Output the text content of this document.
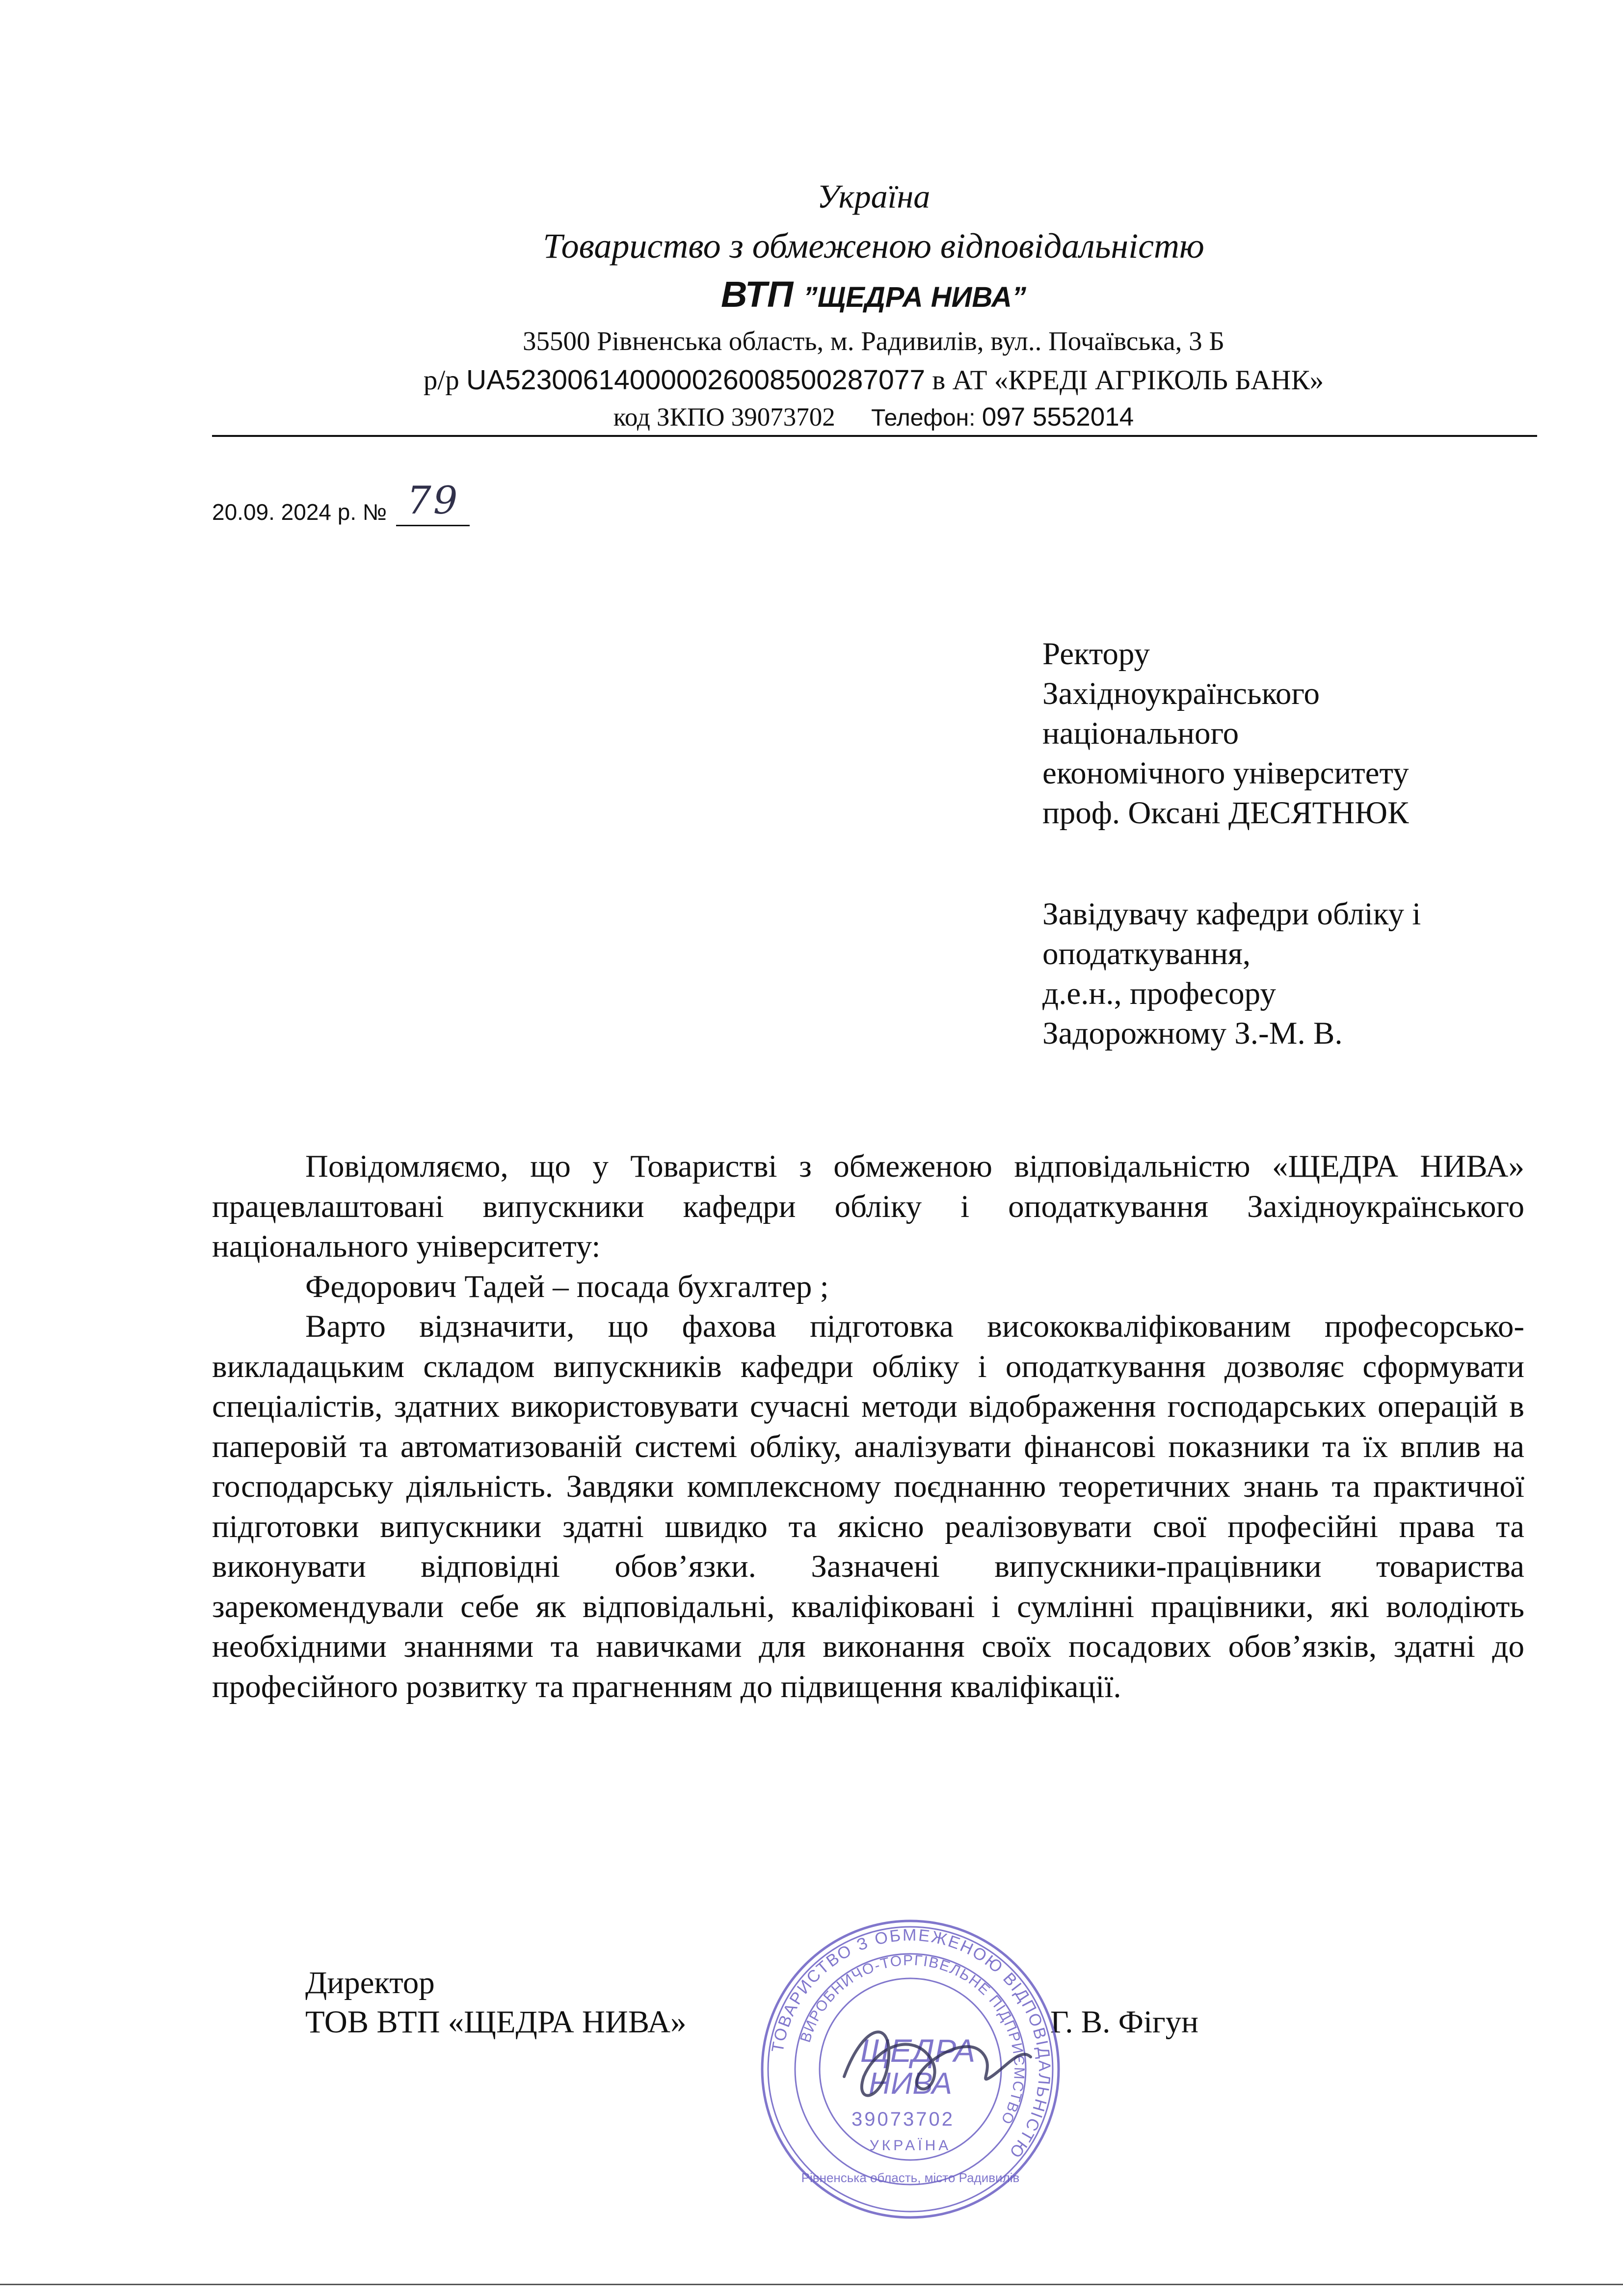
Україна
Товариство з обмеженою відповідальністю
ВТП ”ЩЕДРА НИВА”
35500 Рівненська область, м. Радивилів, вул.. Почаївська, 3 Б
р/р UA523006140000026008500287077 в АТ «КРЕДІ АГРІКОЛЬ БАНК»
код ЗКПО 39073702 Телефон: 097 5552014
20.09. 2024 р. № 79
Ректору
Західноукраїнського
національного
економічного університету
проф. Оксані ДЕСЯТНЮК
Завідувачу кафедри обліку і
оподаткування,
д.е.н., професору
Задорожному З.-М. В.

Повідомляємо, що у Товаристві з обмеженою відповідальністю «ЩЕДРА НИВА» працевлаштовані випускники кафедри обліку і оподаткування Західноукраїнського національного університету:

Федорович Тадей – посада бухгалтер ;

Варто відзначити, що фахова підготовка висококваліфікованим професорсько-викладацьким складом випускників кафедри обліку і оподаткування дозволяє сформувати спеціалістів, здатних використовувати сучасні методи відображення господарських операцій в паперовій та автоматизованій системі обліку, аналізувати фінансові показники та їх вплив на господарську діяльність. Завдяки комплексному поєднанню теоретичних знань та практичної підготовки випускники здатні швидко та якісно реалізовувати свої професійні права та виконувати відповідні обов’язки. Зазначені випускники-працівники товариства зарекомендували себе як відповідальні, кваліфіковані і сумлінні працівники, які володіють необхідними знаннями та навичками для виконання своїх посадових обов’язків, здатні до професійного розвитку та прагненням до підвищення кваліфікації.

Директор
ТОВ ВТП «ЩЕДРА НИВА»	Г. В. Фігун
ТОВАРИСТВО З ОБМЕЖЕНОЮ ВІДПОВІДАЛЬНІСТЮ
ВИРОБНИЧО-ТОРГІВЕЛЬНЕ ПІДПРИЄМСТВО
ЩЕДРА
НИВА
39073702
УКРАЇНА
Рівненська область, місто Радивилів
